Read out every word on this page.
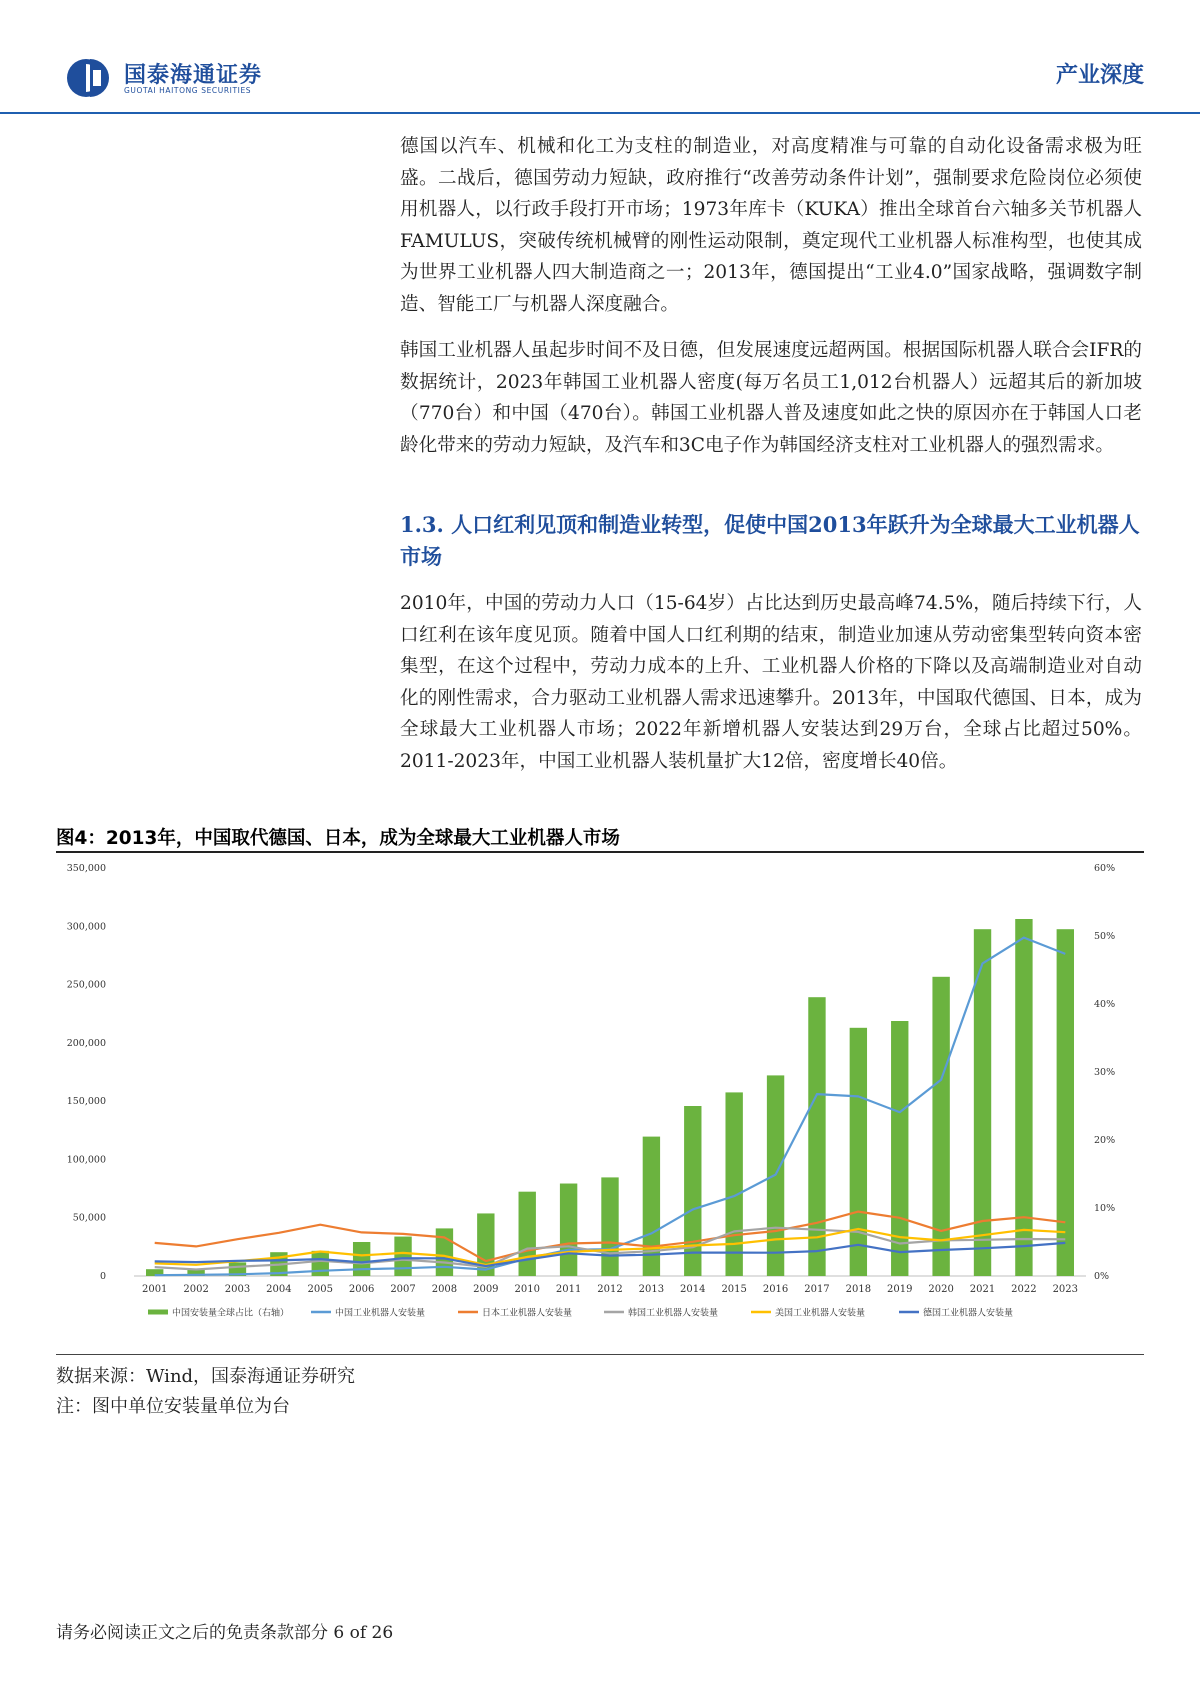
国泰海通证券
GUOTAI HAITONG SECURITIES
产业深度

德国以汽车、机械和化工为支柱的制造业，对高度精准与可靠的自动化设备需求极为旺盛。二战后，德国劳动力短缺，政府推行“改善劳动条件计划”，强制要求危险岗位必须使用机器人，以行政手段打开市场；1973年库卡（KUKA）推出全球首台六轴多关节机器人FAMULUS，突破传统机械臂的刚性运动限制，奠定现代工业机器人标准构型，也使其成为世界工业机器人四大制造商之一；2013年，德国提出“工业4.0”国家战略，强调数字制造、智能工厂与机器人深度融合。

韩国工业机器人虽起步时间不及日德，但发展速度远超两国。根据国际机器人联合会IFR的数据统计，2023年韩国工业机器人密度(每万名员工1,012台机器人）远超其后的新加坡（770台）和中国（470台）。韩国工业机器人普及速度如此之快的原因亦在于韩国人口老龄化带来的劳动力短缺，及汽车和3C电子作为韩国经济支柱对工业机器人的强烈需求。

1.3. 人口红利见顶和制造业转型，促使中国2013年跃升为全球最大工业机器人市场

2010年，中国的劳动力人口（15-64岁）占比达到历史最高峰74.5%，随后持续下行，人口红利在该年度见顶。随着中国人口红利期的结束，制造业加速从劳动密集型转向资本密集型，在这个过程中，劳动力成本的上升、工业机器人价格的下降以及高端制造业对自动化的刚性需求，合力驱动工业机器人需求迅速攀升。2013年，中国取代德国、日本，成为全球最大工业机器人市场；2022年新增机器人安装达到29万台，全球占比超过50%。2011-2023年，中国工业机器人装机量扩大12倍，密度增长40倍。

图4：2013年，中国取代德国、日本，成为全球最大工业机器人市场
0
50,000
100,000
150,000
200,000
250,000
300,000
350,000
0%
10%
20%
30%
40%
50%
60%
2001 2002 2003 2004 2005 2006 2007 2008 2009 2010 2011 2012 2013 2014 2015 2016 2017 2018 2019 2020 2021 2022 2023
中国安装量全球占比（右轴）	中国工业机器人安装量	日本工业机器人安装量	韩国工业机器人安装量	美国工业机器人安装量	德国工业机器人安装量
数据来源：Wind，国泰海通证券研究
注：图中单位安装量单位为台
请务必阅读正文之后的免责条款部分 6 of 26
